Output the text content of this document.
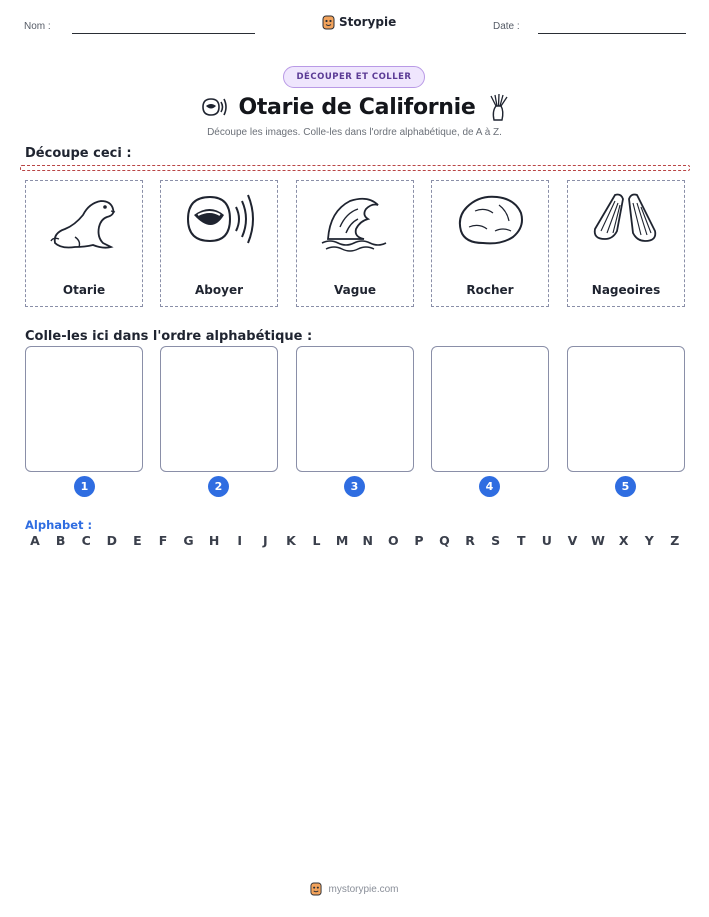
Nom :	Storypie	Date :
DÉCOUPER ET COLLER
Otarie de Californie
Découpe les images. Colle-les dans l'ordre alphabétique, de A à Z.
Découpe ceci :
Otarie	Aboyer	Vague	Rocher	Nageoires
Colle-les ici dans l'ordre alphabétique :
1	2	3	4	5
Alphabet :
A	B	C	D	E	F	G	H	I	J	K	L	M	N	O	P	Q	R	S	T	U	V	W	X	Y	Z
mystorypie.com
